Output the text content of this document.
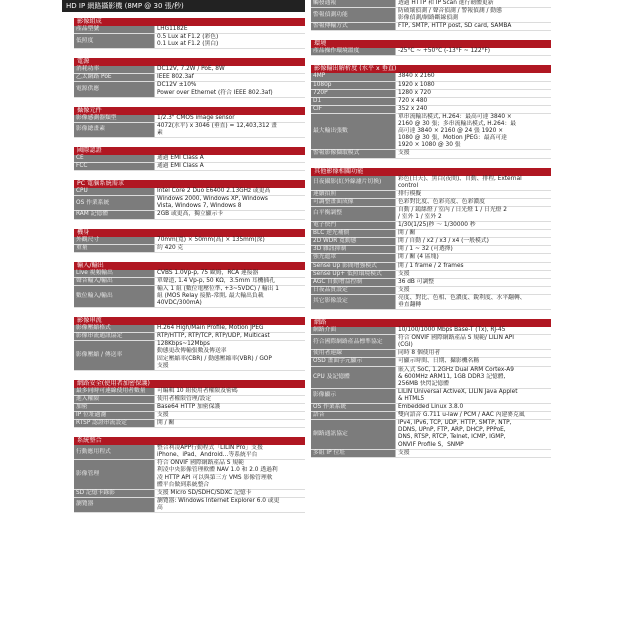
HD IP 網路攝影機 (8MP @ 30 張/秒)
影像組成
產品型號	LHG1182E

低照度	0.5 Lux at F1.2 (彩色)
0.1 Lux at F1.2 (黑白)
電源
消耗功率	DC12V, 7.2W / PoE, 8W

乙太網路 PoE	IEEE 802.3af

電源供應	DC12V ±10%
Power over Ethernet (符合 IEEE 802.3af)
攝像元件
影像感測器類型	1/2.3" CMOS image sensor

影像總畫素	4072(水平) x 3046 (垂直) = 12,403,312 畫
素
國際認證
CE	通過 EMI Class A

FCC	通過 EMI Class A
PC 電腦系統需求
CPU	Intel Core 2 Duo E6400 2.13GHz 或更高

OS 作業系統	Windows 2000, Windows XP, Windows
Vista, Windows 7, Windows 8

RAM 記憶體	2GB 或更高，獨立顯示卡
機身
外觀尺寸	70mm(寬) × 50mm(高) × 135mm(深)

重量	約 420 克
輸入/輸出
Live 視頻輸出	CVBS 1.0Vp-p, 75 歐姆，RCA 連接器

聲音輸入/輸出	單聲道, 1.4 Vp-p, 50 KΩ，3.5mm 耳機插孔

數位輸入/輸出	輸入 1 組 (數位電壓位準, +3~5VDC) / 輸出 1
組 (MOS Relay 接點-常開, 最大輸出負載
40VDC/300mA)
影像串流
影像壓縮格式	H.264 High/Main Profile, Motion JPEG

影像串流通訊協定	RTP/HTTP, RTP/TCP, RTP/UDP, Multicast

影像壓縮 / 傳送率	128Kbps~12Mbps
動態更改傳輸張數及傳送率
固定壓縮率(CBR) / 動態壓縮率(VBR) / GOP
支援
網路安全(使用者加密保護)
最多同時可連線使用者數量	可編輯 10 組使用者權限及密碼

進入權限	使用者權限管理/設定

加密	Base64 HTTP 加密保護

IP 位址過濾	支援

RTSP 認證串流設定	開 / 關
系統整合
行動應用程式	整合利凌APP行動程式「LILIN Pro」支援
iPhone、iPad、Android…等系統平台

影像管理	符合 ONVIF 國際網路產品 S 規範
利凌中央影像管理軟體 NAV 1.0 和 2.0 透過利
凌 HTTP API 可以與第三方 VMS 影像管理軟
體平台做到系統整合

SD 記憶卡錄影	支援 Micro SD/SDHC/SDXC 記憶卡

瀏覽器	瀏覽器: Windows Internet Explorer 6.0 或更
高
觸發通報	透過 HTTP 和 IP Scan 進行韌體更新

警報偵測功能	防破壞偵測 / 聲音偵測 / 警報偵測 / 動態
影像偵測/網路斷線偵測

警報傳輸方式	FTP, SMTP, HTTP post, SD card, SAMBA
環境
產品操作環境溫度	-25°C ~ +50°C (-13°F ~ 122°F)
影像輸出解析度 (水平 x 垂直)
4MP	3840 x 2160

1080p	1920 x 1080

720P	1280 x 720

D1	720 x 480

CIF	352 x 240

最大輸出張數	單串流輸出模式, H.264：最高可達 3840 ×
2160 @ 30 張；多串流輸出模式, H.264：最
高可達 3840 × 2160 @ 24 張 1920 ×
1080 @ 30 張，Motion JPEG：最高可達
1920 × 1080 @ 30 張

警報影像擷取模式	支援
其他影像相關功能
日夜攝影(紅外線濾片切換)	彩色(日天)、黑白(夜間)、自動、排程, External
control

連續拍照	排行模擬

可調整畫面成像	色彩對比度、色彩亮度、色彩濃度

白平衡調整	自動 / 鎢絲燈 / 室內 / 日光燈 1 / 日光燈 2
/ 室外 1 / 室外 2

電子快門	1/30(1/25)秒 ～ 1/30000 秒

BLC 逆光補償	開 / 關

2D WDR 寬動態	開 / 自動 / x2 / x3 / x4 (一般模式)

3D 雜訊抑制	開 / 1 ~ 32 (可選擇)

強光遮罩	開 / 關 (4 區塊)

Sense Up 影間增強模式	開 / 1 frame / 2 frames

Sense Up+ 低照環境模式	支援

AGC 自動增益控制	36 dB 可調整

日夜品質設定	支援

其它影像設定	亮度、對比、色相、色濃度、銳利度、水平翻轉、
垂直翻轉
網路
網路介面	10/100/1000 Mbps Base-T (Tx), RJ-45

符合國際網路產品標準協定	符合 ONVIF 國際網路產品 S 規範/ LILIN API
(CGI)

使用者連線	同時 8 個使用者

OSD 畫面字元顯示	可顯示時間、日期、攝影機名稱

CPU 及記憶體	嵌入式 SoC, 1.2GHz Dual ARM Cortex-A9
& 600MHz ARM11, 1GB DDR3 記憶體,
256MB 快閃記憶體

影像顯示	LILIN Universal ActiveX, LILIN Java Applet
& HTML5

OS 作業系統	Embedded Linux 3.8.0

語音	雙向語音 G.711 u-law / PCM / AAC 內建麥克風

網路通訊協定	IPv4, IPv6, TCP, UDP, HTTP, SMTP, NTP,
DDNS, UPnP, FTP, ARP, DHCP, PPPoE,
DNS, RTSP, RTCP, Telnet, ICMP, IGMP,
ONVIF Profile S，SNMP

多組 IP 位址	支援
